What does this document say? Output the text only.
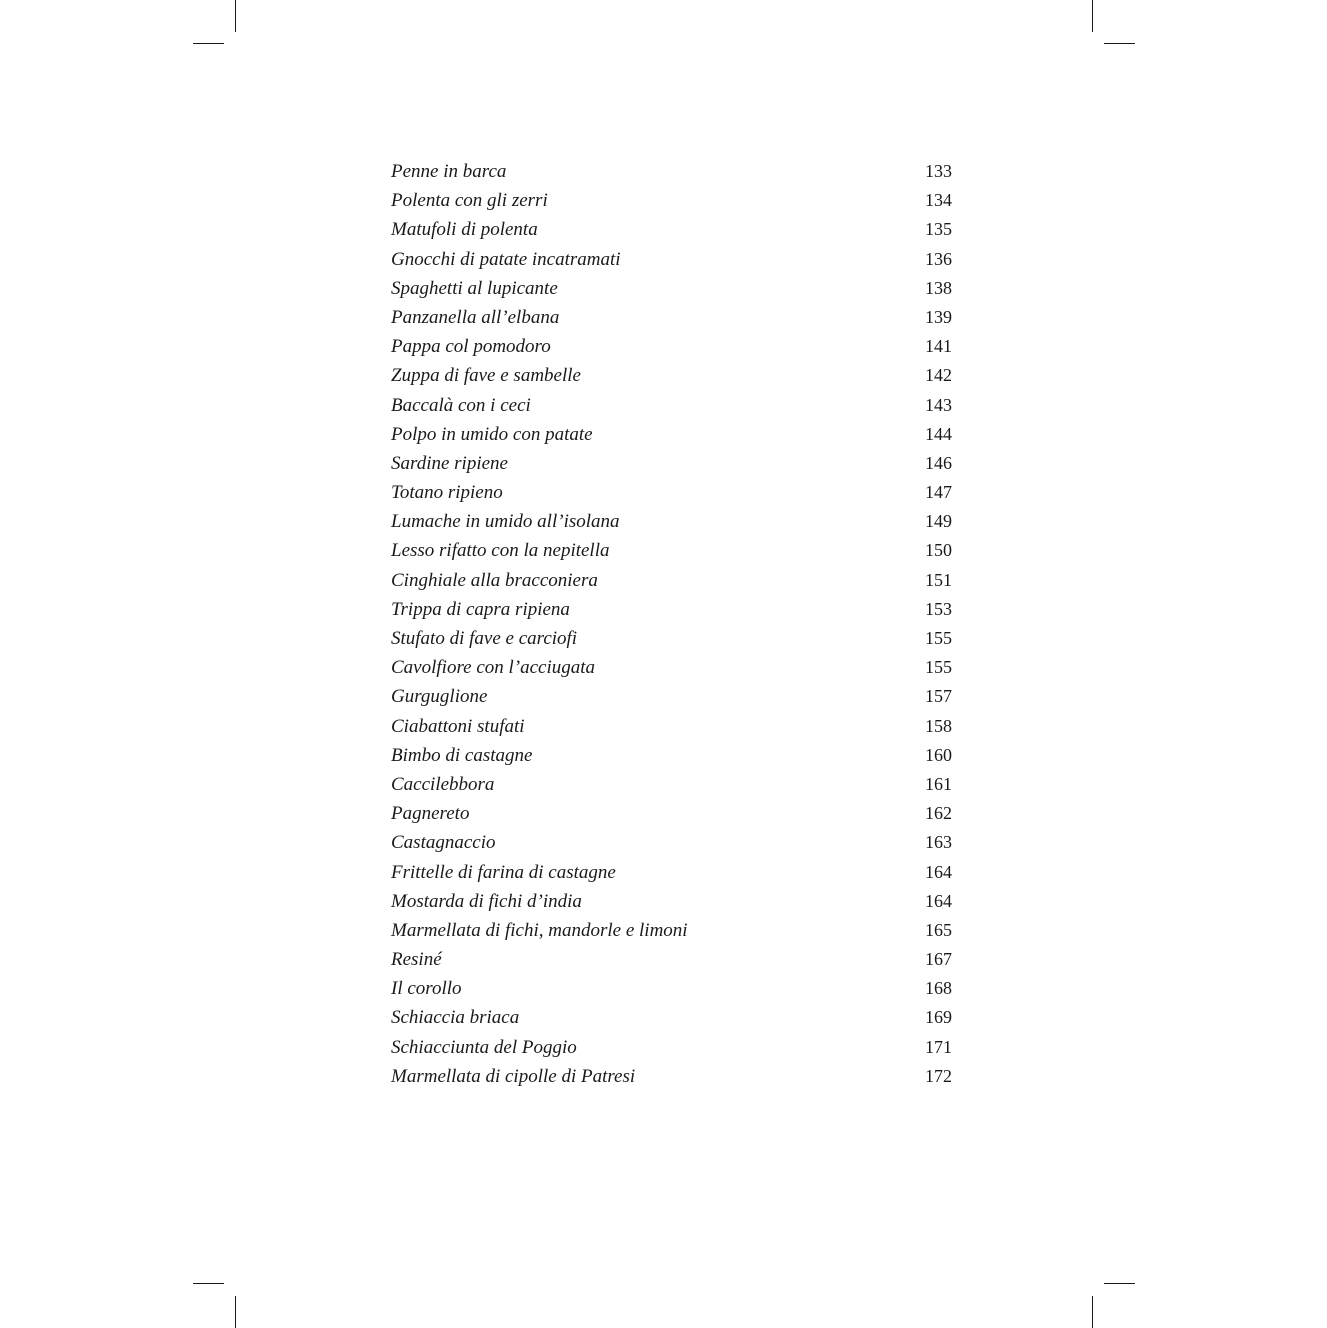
Penne in barca	133
Polenta con gli zerri	134
Matufoli di polenta	135
Gnocchi di patate incatramati	136
Spaghetti al lupicante	138
Panzanella all’elbana	139
Pappa col pomodoro	141
Zuppa di fave e sambelle	142
Baccalà con i ceci	143
Polpo in umido con patate	144
Sardine ripiene	146
Totano ripieno	147
Lumache in umido all’isolana	149
Lesso rifatto con la nepitella	150
Cinghiale alla bracconiera	151
Trippa di capra ripiena	153
Stufato di fave e carciofi	155
Cavolfiore con l’acciugata	155
Gurguglione	157
Ciabattoni stufati	158
Bimbo di castagne	160
Caccilebbora	161
Pagnereto	162
Castagnaccio	163
Frittelle di farina di castagne	164
Mostarda di fichi d’india	164
Marmellata di fichi, mandorle e limoni	165
Resiné	167
Il corollo	168
Schiaccia briaca	169
Schiacciunta del Poggio	171
Marmellata di cipolle di Patresi	172
